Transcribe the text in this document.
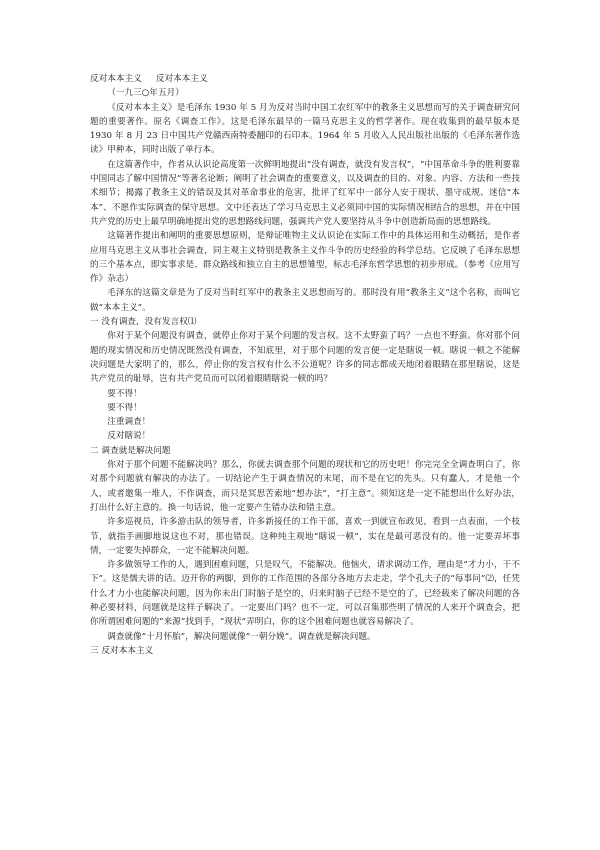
反对本本主义 反对本本主义

（一九三○年五月）

《反对本本主义》是毛泽东 1930 年 5 月为反对当时中国工农红军中的教条主义思想而写的关于调查研究问题的重要著作。原名《调查工作》。这是毛泽东最早的一篇马克思主义的哲学著作。现在收集到的最早版本是 1930 年 8 月 23 日中国共产党赣西南特委翻印的石印本。1964 年 5 月收入人民出版社出版的《毛泽东著作选读》甲种本，同时出版了单行本。

在这篇著作中，作者从认识论高度第一次鲜明地提出“没有调查，就没有发言权”，“中国革命斗争的胜利要靠中国同志了解中国情况”等著名论断；阐明了社会调查的重要意义，以及调查的目的、对象、内容、方法和一些技术细节；揭露了教条主义的错误及其对革命事业的危害，批评了红军中一部分人安于现状、墨守成规、迷信“本本”、不愿作实际调查的保守思想。文中还表达了学习马克思主义必须同中国的实际情况相结合的思想，并在中国共产党的历史上最早明确地提出党的思想路线问题，强调共产党人要坚持从斗争中创造新局面的思想路线。

这篇著作提出和阐明的重要思想原则，是辩证唯物主义认识论在实际工作中的具体运用和生动概括，是作者应用马克思主义从事社会调查，同主观主义特别是教条主义作斗争的历史经验的科学总结。它反映了毛泽东思想的三个基本点，即实事求是、群众路线和独立自主的思想雏型，标志毛泽东哲学思想的初步形成。（参考《应用写作》杂志）

毛泽东的这篇文章是为了反对当时红军中的教条主义思想而写的。那时没有用“教条主义”这个名称，而叫它做“本本主义”。

一 没有调查，没有发言权⑴

你对于某个问题没有调查，就停止你对于某个问题的发言权。这不太野蛮了吗？一点也不野蛮。你对那个问题的现实情况和历史情况既然没有调查，不知底里，对于那个问题的发言便一定是瞎说一顿。瞎说一顿之不能解决问题是大家明了的，那么，停止你的发言权有什么不公道呢？许多的同志都成天地闭着眼睛在那里瞎说，这是共产党员的耻辱，岂有共产党员而可以闭着眼睛瞎说一顿的吗？

要不得！

要不得！

注重调查！

反对瞎说！

二 调查就是解决问题

你对于那个问题不能解决吗？那么，你就去调查那个问题的现状和它的历史吧！你完完全全调查明白了，你对那个问题就有解决的办法了。一切结论产生于调查情况的末尾，而不是在它的先头。只有蠢人，才是他一个人，或者邀集一堆人，不作调查，而只是冥思苦索地“想办法”，“打主意”。须知这是一定不能想出什么好办法，打出什么好主意的。换一句话说，他一定要产生错办法和错主意。

许多巡视员，许多游击队的领导者，许多新接任的工作干部，喜欢一到就宣布政见，看到一点表面，一个枝节，就指手画脚地说这也不对，那也错误。这种纯主观地“瞎说一顿”，实在是最可恶没有的。他一定要弄坏事情，一定要失掉群众，一定不能解决问题。

许多做领导工作的人，遇到困难问题，只是叹气，不能解决。他恼火，请求调动工作，理由是“才力小，干不下”。这是懦夫讲的话。迈开你的两脚，到你的工作范围的各部分各地方去走走，学个孔夫子的“每事问”⑵，任凭什么才力小也能解决问题，因为你未出门时脑子是空的，归来时脑子已经不是空的了，已经载来了解决问题的各种必要材料，问题就是这样子解决了。一定要出门吗？也不一定，可以召集那些明了情况的人来开个调查会，把你所谓困难问题的“来源”找到手，“现状”弄明白，你的这个困难问题也就容易解决了。

调查就像“十月怀胎”，解决问题就像“一朝分娩”。调查就是解决问题。

三 反对本本主义
